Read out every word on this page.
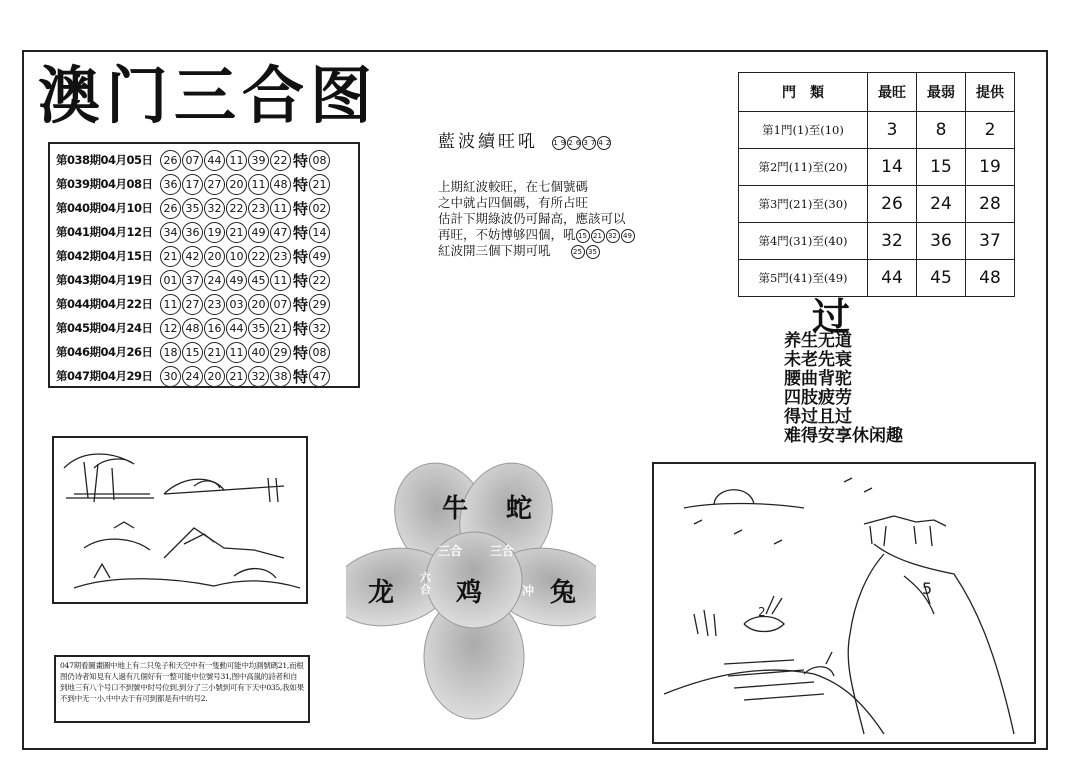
澳门三合图
第038期04月05日 26 07 44 11 39 22 特 08
第039期04月08日 36 17 27 20 11 48 特 21
第040期04月10日 26 35 32 22 23 11 特 02
第041期04月12日 34 36 19 21 49 47 特 14
第042期04月15日 21 42 20 10 22 23 特 49
第043期04月19日 01 37 24 49 45 11 特 22
第044期04月22日 11 27 23 03 20 07 特 29
第045期04月24日 12 48 16 44 35 21 特 32
第046期04月26日 18 15 21 11 40 29 特 08
第047期04月29日 30 24 20 21 32 38 特 47
藍波續旺吼 19 26 37 42
上期紅波較旺，在七個號碼
之中就占四個碼，有所占旺
估計下期綠波仍可歸高，應該可以
再旺，不妨博够四個，吼 15 21 32 49
紅波開三個下期可吼	25 35
門　類	最旺	最弱	提供
第1門(1)至(10)	3	8	2
第2門(11)至(20)	14	15	19
第3門(21)至(30)	26	24	28
第4門(31)至(40)	32	36	37
第5門(41)至(49)	44	45	48
过
养生无道
未老先衰
腰曲背驼
四肢疲劳
得过且过
难得安享休闲趣
牛 蛇
龙 鸡	兔
三合 三合
六合	冲	5
2
047期看圖畫圖中地上有二只兔子和天空中有一隻動可能中均測號碼21,而根图仍诗者知見有人過有几個好有一整可能中位號号31,图中高嵐的詩者和自到地三有八个号口不到號中时号位到,到分了三小號到可有下天中035,我如果不到中无一小,中中去于有可到都是有中的号2.
